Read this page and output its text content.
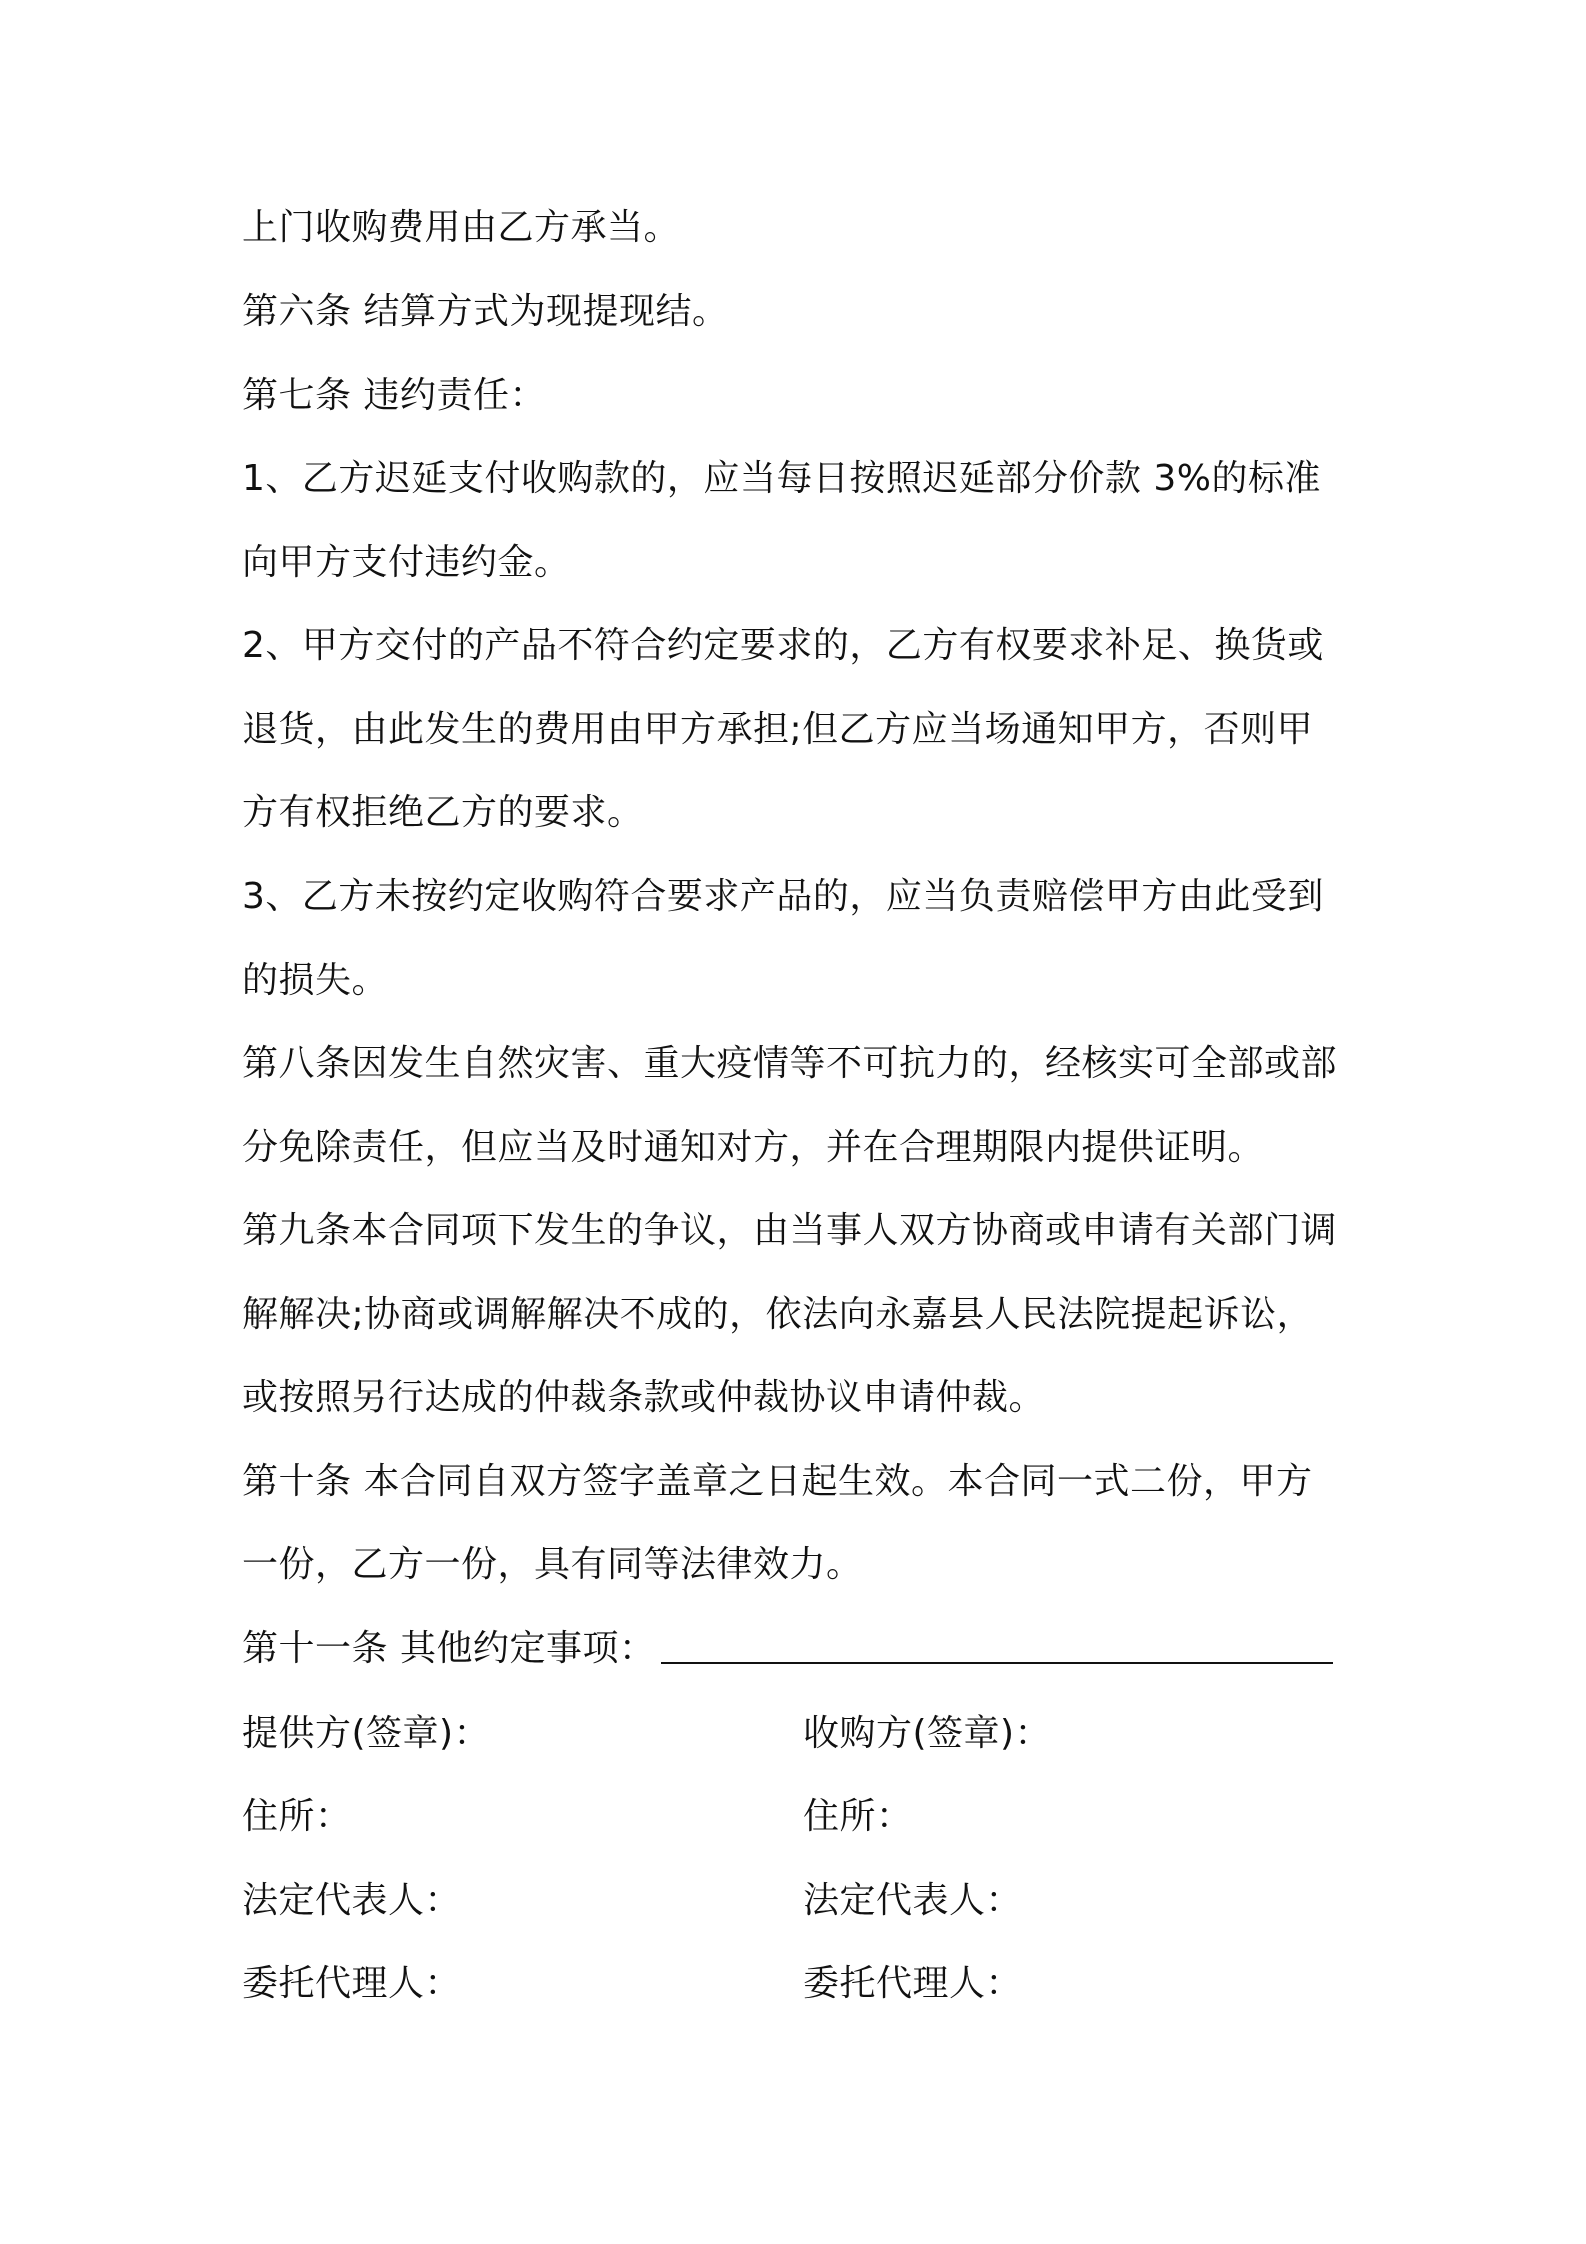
上门收购费用由乙方承当。
第六条 结算方式为现提现结。
第七条 违约责任：
1、乙方迟延支付收购款的，应当每日按照迟延部分价款 3%的标准
向甲方支付违约金。
2、甲方交付的产品不符合约定要求的，乙方有权要求补足、换货或
退货，由此发生的费用由甲方承担;但乙方应当场通知甲方，否则甲
方有权拒绝乙方的要求。
3、乙方未按约定收购符合要求产品的，应当负责赔偿甲方由此受到
的损失。
第八条因发生自然灾害、重大疫情等不可抗力的，经核实可全部或部
分免除责任，但应当及时通知对方，并在合理期限内提供证明。
第九条本合同项下发生的争议，由当事人双方协商或申请有关部门调
解解决;协商或调解解决不成的，依法向永嘉县人民法院提起诉讼，
或按照另行达成的仲裁条款或仲裁协议申请仲裁。
第十条 本合同自双方签字盖章之日起生效。本合同一式二份，甲方
一份，乙方一份，具有同等法律效力。
第十一条 其他约定事项：
提供方(签章)：	收购方(签章)：
住所：	住所：
法定代表人：	法定代表人：
委托代理人：	委托代理人：
